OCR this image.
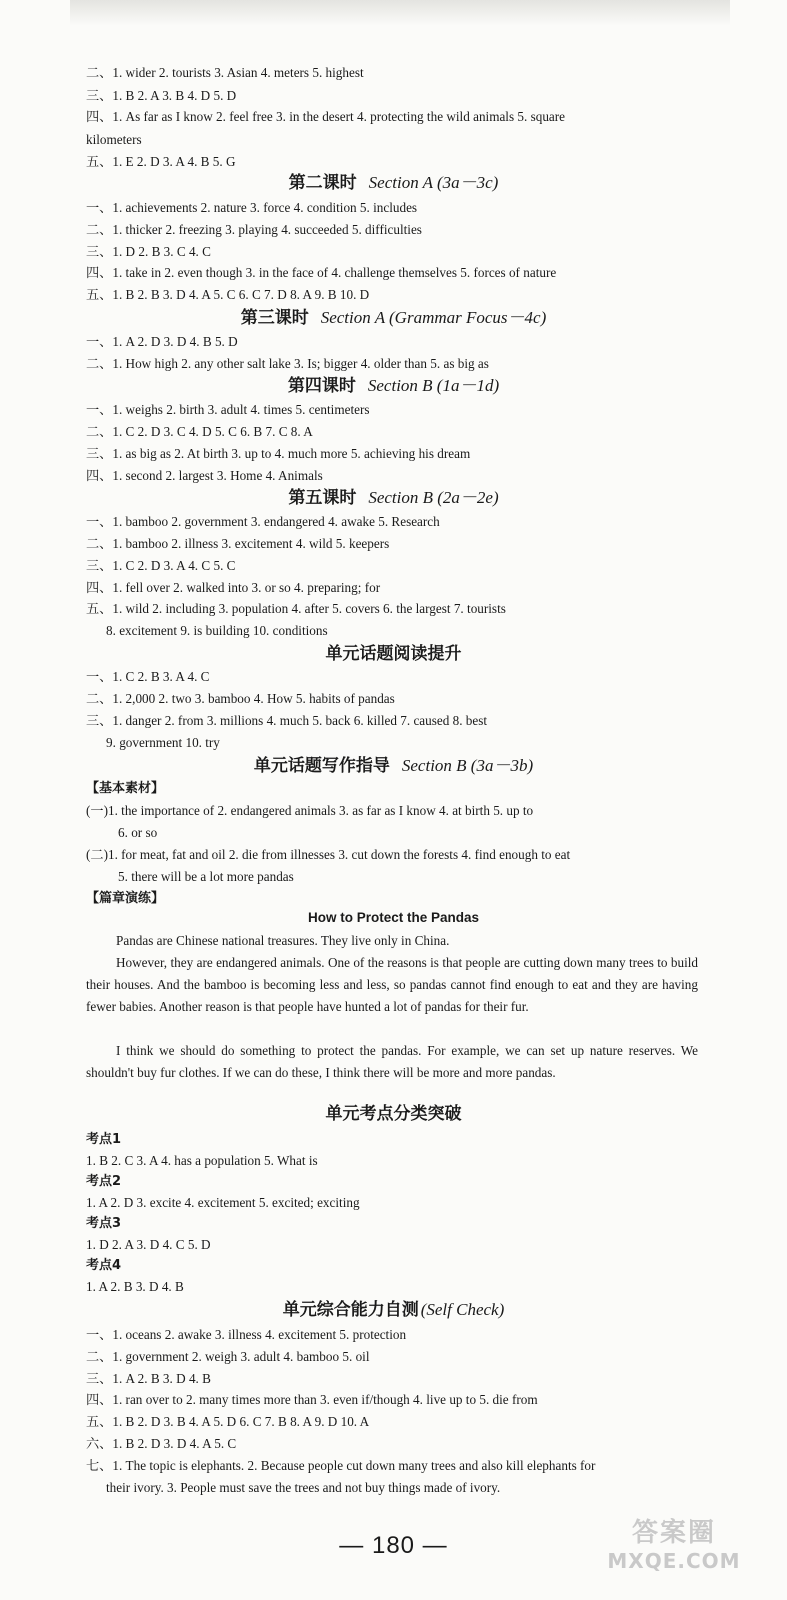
二、1. wider 2. tourists 3. Asian 4. meters 5. highest
三、1. B 2. A 3. B 4. D 5. D
四、1. As far as I know 2. feel free 3. in the desert 4. protecting the wild animals 5. square
kilometers
五、1. E 2. D 3. A 4. B 5. G
第二课时 Section A (3a－3c)
一、1. achievements 2. nature 3. force 4. condition 5. includes
二、1. thicker 2. freezing 3. playing 4. succeeded 5. difficulties
三、1. D 2. B 3. C 4. C
四、1. take in 2. even though 3. in the face of 4. challenge themselves 5. forces of nature
五、1. B 2. B 3. D 4. A 5. C 6. C 7. D 8. A 9. B 10. D
第三课时 Section A (Grammar Focus－4c)
一、1. A 2. D 3. D 4. B 5. D
二、1. How high 2. any other salt lake 3. Is; bigger 4. older than 5. as big as
第四课时 Section B (1a－1d)
一、1. weighs 2. birth 3. adult 4. times 5. centimeters
二、1. C 2. D 3. C 4. D 5. C 6. B 7. C 8. A
三、1. as big as 2. At birth 3. up to 4. much more 5. achieving his dream
四、1. second 2. largest 3. Home 4. Animals
第五课时 Section B (2a－2e)
一、1. bamboo 2. government 3. endangered 4. awake 5. Research
二、1. bamboo 2. illness 3. excitement 4. wild 5. keepers
三、1. C 2. D 3. A 4. C 5. C
四、1. fell over 2. walked into 3. or so 4. preparing; for
五、1. wild 2. including 3. population 4. after 5. covers 6. the largest 7. tourists
8. excitement 9. is building 10. conditions
单元话题阅读提升
一、1. C 2. B 3. A 4. C
二、1. 2,000 2. two 3. bamboo 4. How 5. habits of pandas
三、1. danger 2. from 3. millions 4. much 5. back 6. killed 7. caused 8. best
9. government 10. try
单元话题写作指导 Section B (3a－3b)
【基本素材】
(一)1. the importance of 2. endangered animals 3. as far as I know 4. at birth 5. up to
6. or so
(二)1. for meat, fat and oil 2. die from illnesses 3. cut down the forests 4. find enough to eat
5. there will be a lot more pandas
【篇章演练】
How to Protect the Pandas
Pandas are Chinese national treasures. They live only in China.
However, they are endangered animals. One of the reasons is that people are cutting down many trees to build their houses. And the bamboo is becoming less and less, so pandas cannot find enough to eat and they are having fewer babies. Another reason is that people have hunted a lot of pandas for their fur.
I think we should do something to protect the pandas. For example, we can set up nature reserves. We shouldn't buy fur clothes. If we can do these, I think there will be more and more pandas.
单元考点分类突破
考点1
1. B 2. C 3. A 4. has a population 5. What is
考点2
1. A 2. D 3. excite 4. excitement 5. excited; exciting
考点3
1. D 2. A 3. D 4. C 5. D
考点4
1. A 2. B 3. D 4. B
单元综合能力自测 (Self Check)
一、1. oceans 2. awake 3. illness 4. excitement 5. protection
二、1. government 2. weigh 3. adult 4. bamboo 5. oil
三、1. A 2. B 3. D 4. B
四、1. ran over to 2. many times more than 3. even if/though 4. live up to 5. die from
五、1. B 2. D 3. B 4. A 5. D 6. C 7. B 8. A 9. D 10. A
六、1. B 2. D 3. D 4. A 5. C
七、1. The topic is elephants. 2. Because people cut down many trees and also kill elephants for
their ivory. 3. People must save the trees and not buy things made of ivory.
— 180 —	答案圈
MXQE.COM
